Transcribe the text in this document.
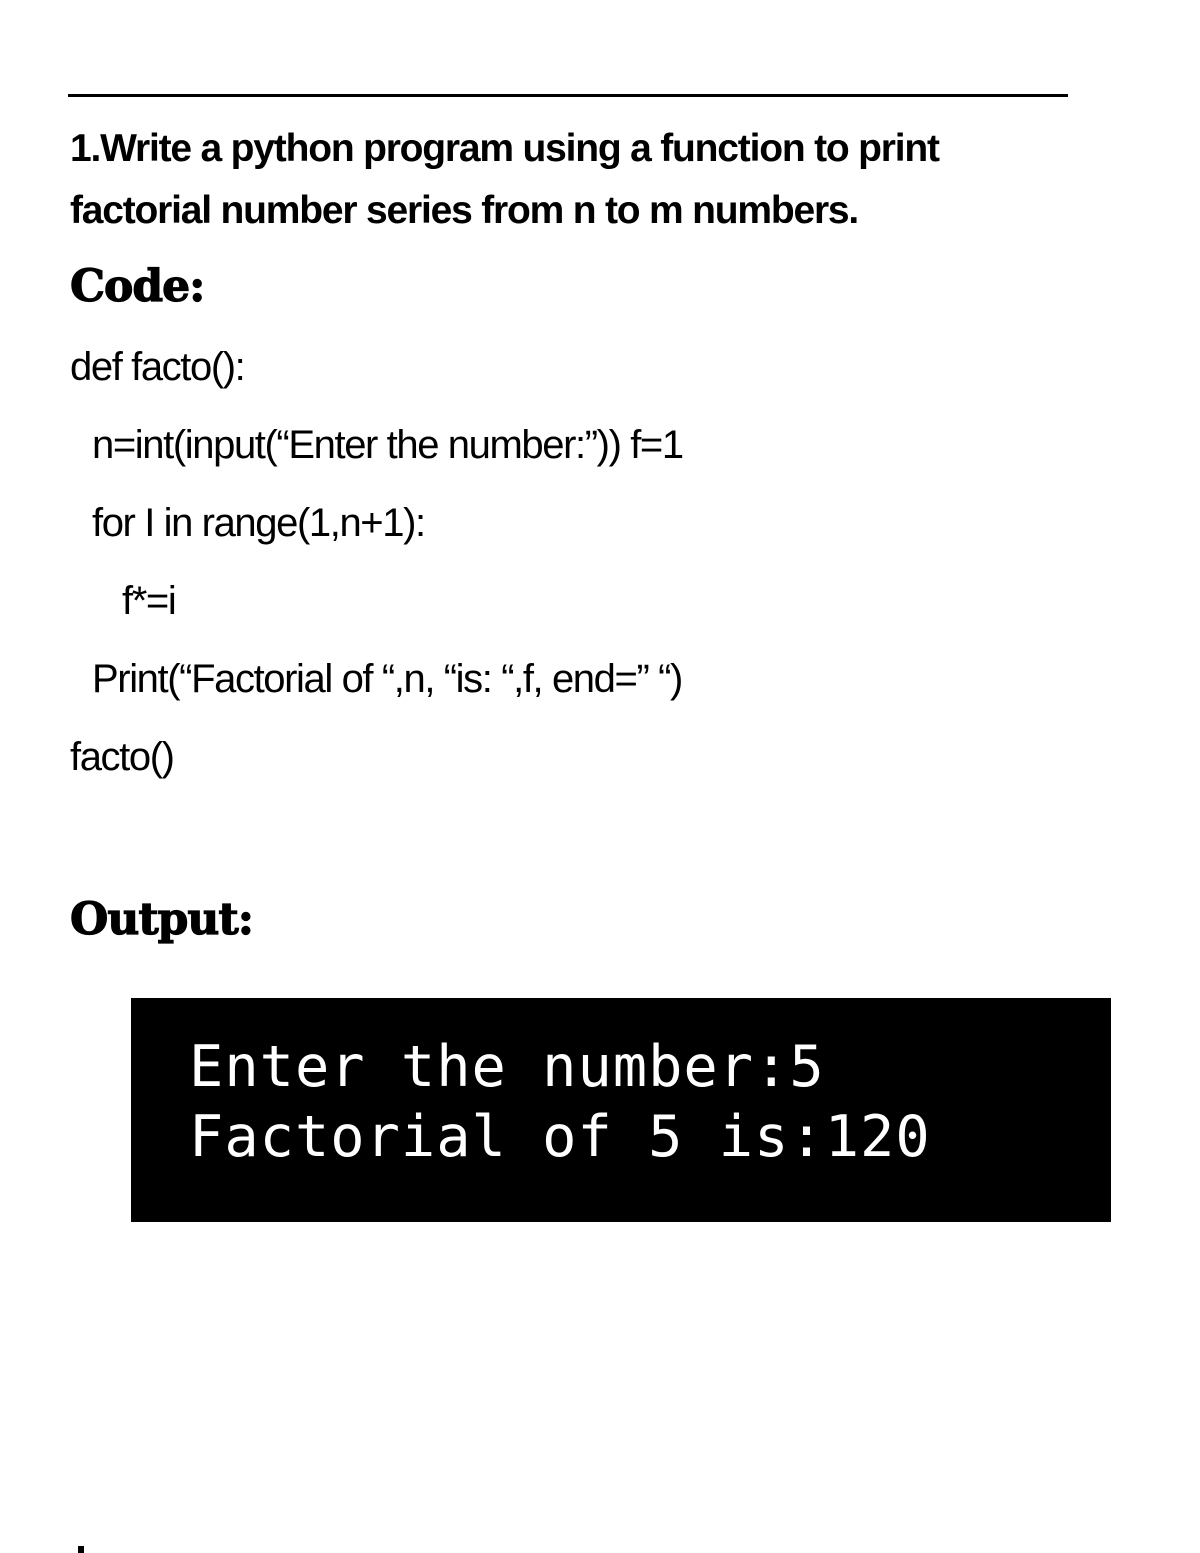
1.Write a python program using a function to print factorial number series from n to m numbers.

Code:
def facto():
n=int(input(“Enter the number:”)) f=1
for I in range(1,n+1):
f*=i
Print(“Factorial of “,n, “is: “,f, end=” “)
facto()
Output:
Enter the number:5
Factorial of 5 is:120
